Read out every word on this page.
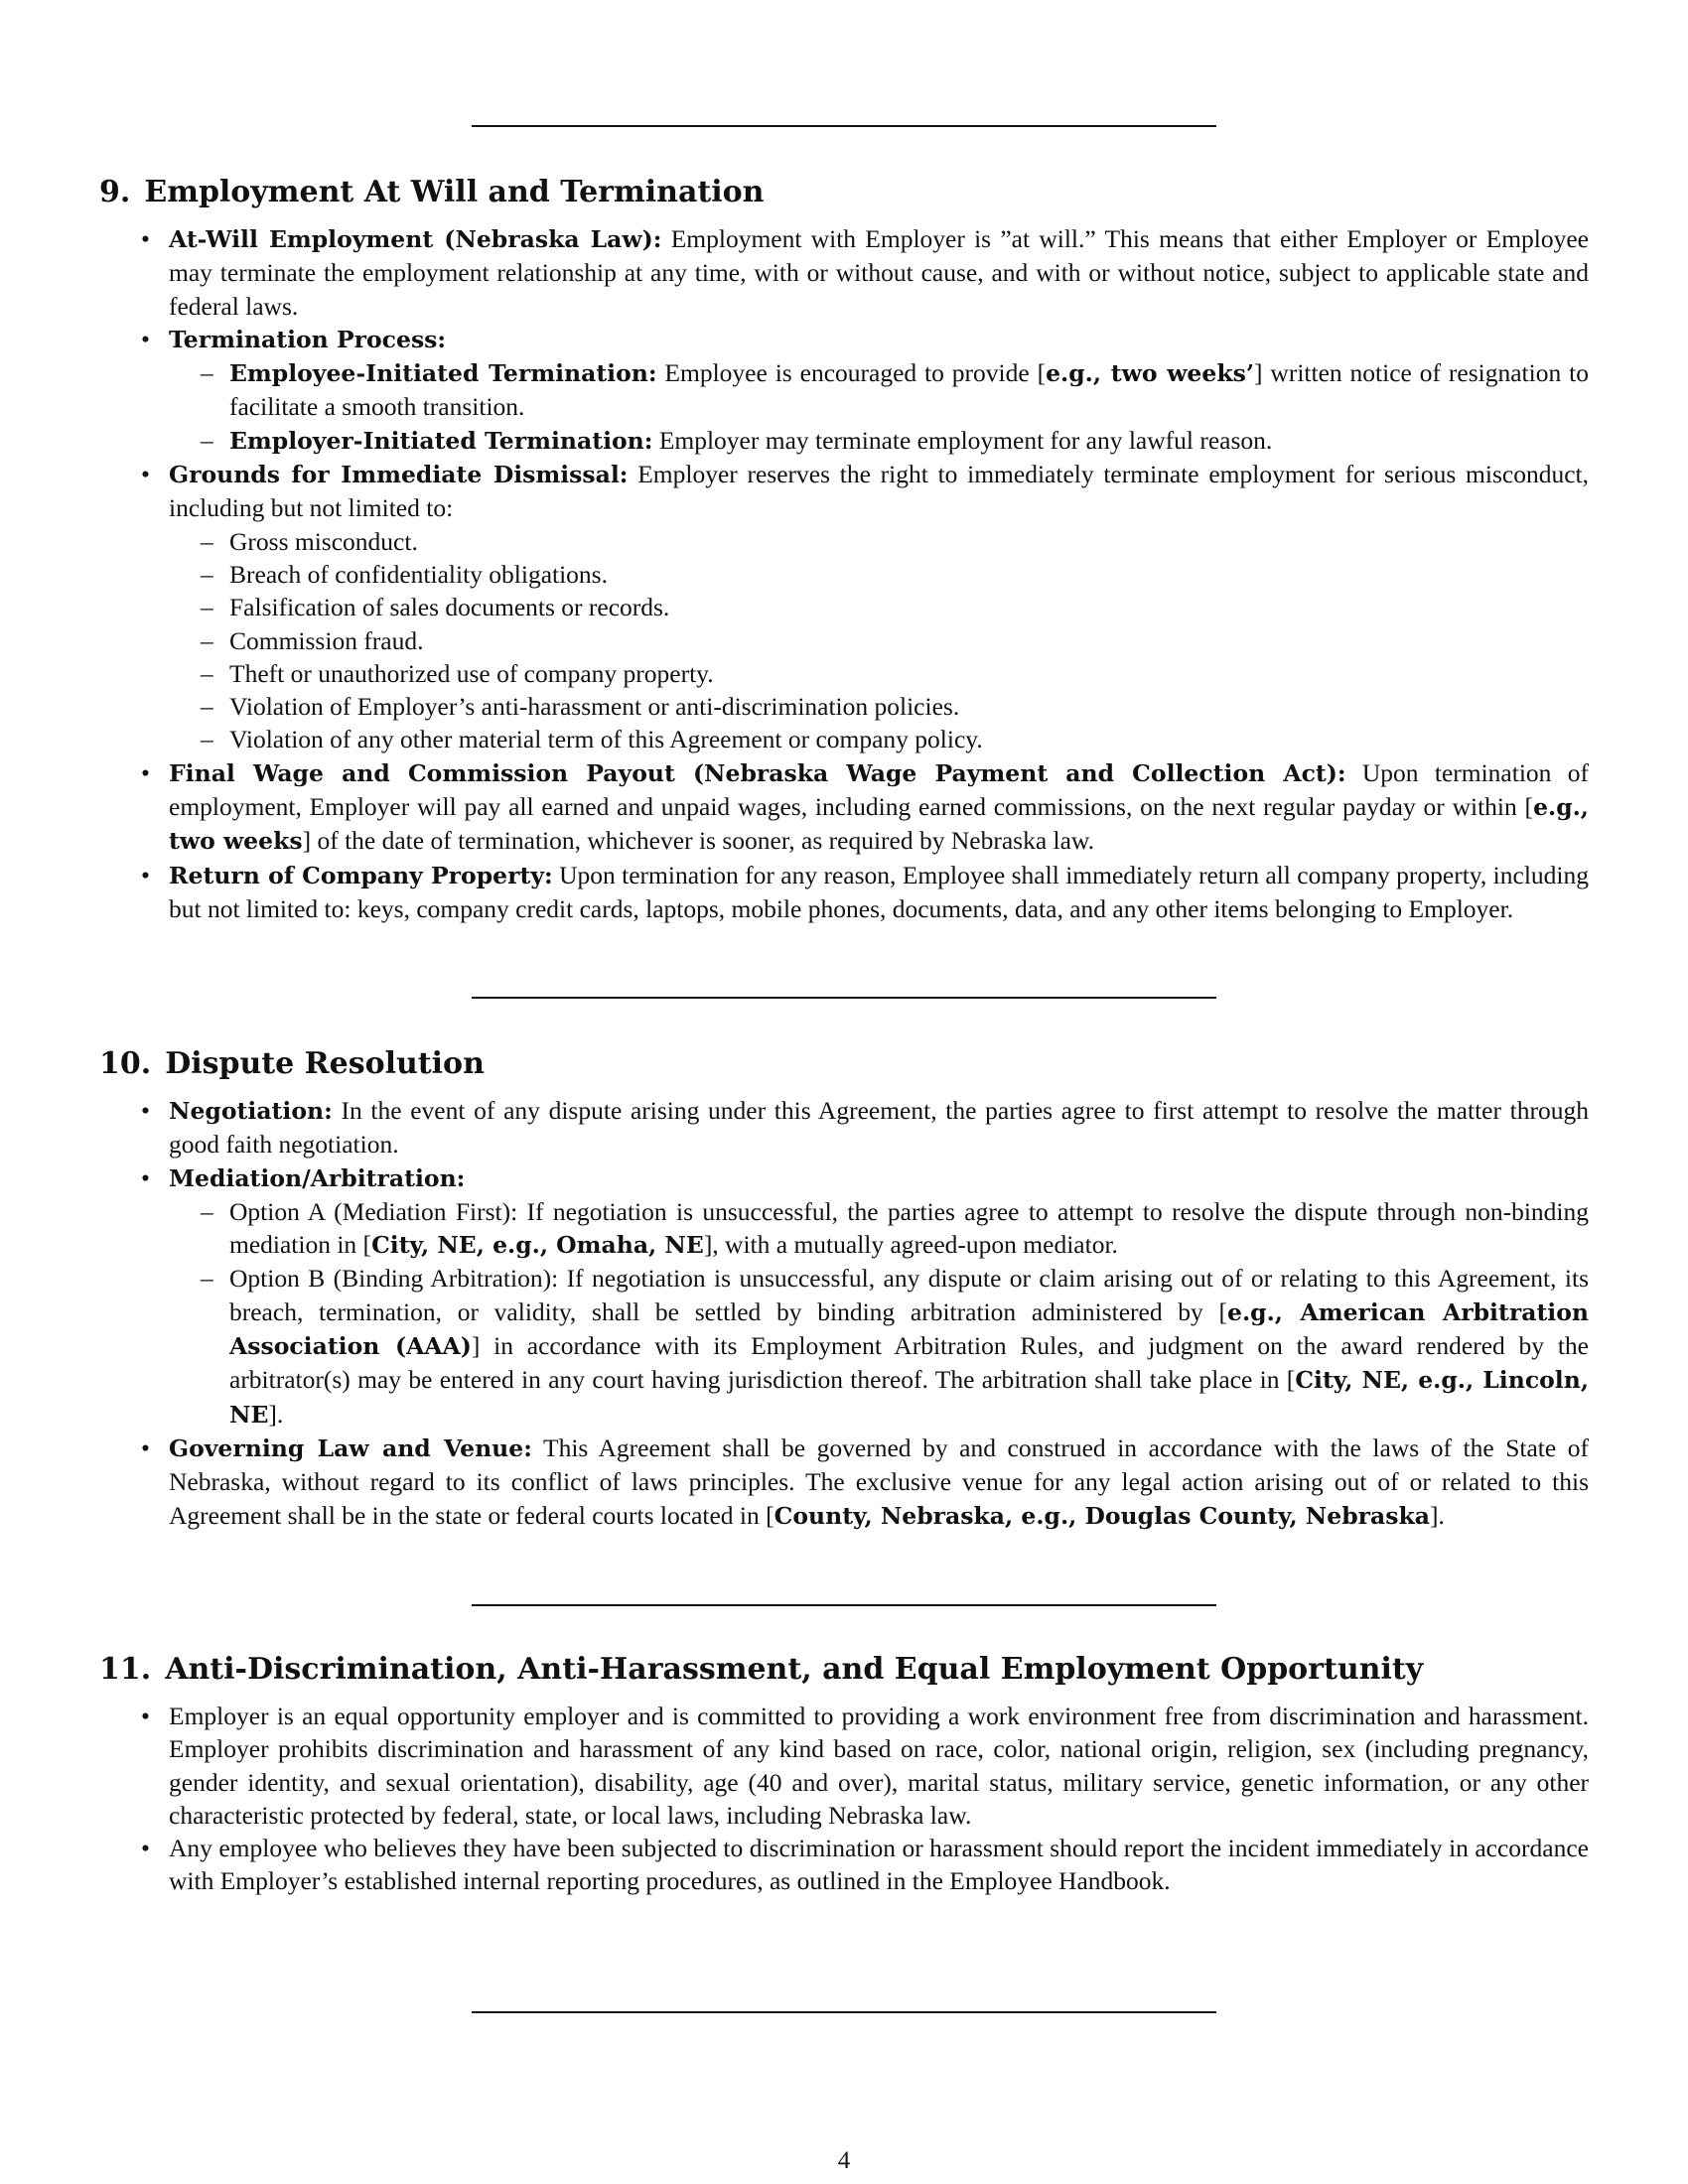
9. Employment At Will and Termination
• At-Will Employment (Nebraska Law): Employment with Employer is ”at will.” This means that either Employer or Employee may terminate the employment relationship at any time, with or without cause, and with or without notice, subject to applicable state and federal laws.
• Termination Process:
– Employee-Initiated Termination: Employee is encouraged to provide [e.g., two weeks’] written notice of resignation to facilitate a smooth transition.
– Employer-Initiated Termination: Employer may terminate employment for any lawful reason.
• Grounds for Immediate Dismissal: Employer reserves the right to immediately terminate employment for serious misconduct, including but not limited to:
– Gross misconduct.
– Breach of confidentiality obligations.
– Falsification of sales documents or records.
– Commission fraud.
– Theft or unauthorized use of company property.
– Violation of Employer’s anti-harassment or anti-discrimination policies.
– Violation of any other material term of this Agreement or company policy.
• Final Wage and Commission Payout (Nebraska Wage Payment and Collection Act): Upon termination of employment, Employer will pay all earned and unpaid wages, including earned commissions, on the next regular payday or within [e.g., two weeks] of the date of termination, whichever is sooner, as required by Nebraska law.
• Return of Company Property: Upon termination for any reason, Employee shall immediately return all company property, including but not limited to: keys, company credit cards, laptops, mobile phones, documents, data, and any other items belonging to Employer.
10. Dispute Resolution
• Negotiation: In the event of any dispute arising under this Agreement, the parties agree to first attempt to resolve the matter through good faith negotiation.
• Mediation/Arbitration:
– Option A (Mediation First): If negotiation is unsuccessful, the parties agree to attempt to resolve the dispute through non-binding mediation in [City, NE, e.g., Omaha, NE], with a mutually agreed-upon mediator.
– Option B (Binding Arbitration): If negotiation is unsuccessful, any dispute or claim arising out of or relating to this Agreement, its breach, termination, or validity, shall be settled by binding arbitration administered by [e.g., American Arbitration Association (AAA)] in accordance with its Employment Arbitration Rules, and judgment on the award rendered by the arbitrator(s) may be entered in any court having jurisdiction thereof. The arbitration shall take place in [City, NE, e.g., Lincoln, NE].
• Governing Law and Venue: This Agreement shall be governed by and construed in accordance with the laws of the State of Nebraska, without regard to its conflict of laws principles. The exclusive venue for any legal action arising out of or related to this Agreement shall be in the state or federal courts located in [County, Nebraska, e.g., Douglas County, Nebraska].
11. Anti-Discrimination, Anti-Harassment, and Equal Employment Opportunity
• Employer is an equal opportunity employer and is committed to providing a work environment free from discrimination and harassment. Employer prohibits discrimination and harassment of any kind based on race, color, national origin, religion, sex (including pregnancy, gender identity, and sexual orientation), disability, age (40 and over), marital status, military service, genetic information, or any other characteristic protected by federal, state, or local laws, including Nebraska law.
• Any employee who believes they have been subjected to discrimination or harassment should report the incident immediately in accordance with Employer’s established internal reporting procedures, as outlined in the Employee Handbook.
4
